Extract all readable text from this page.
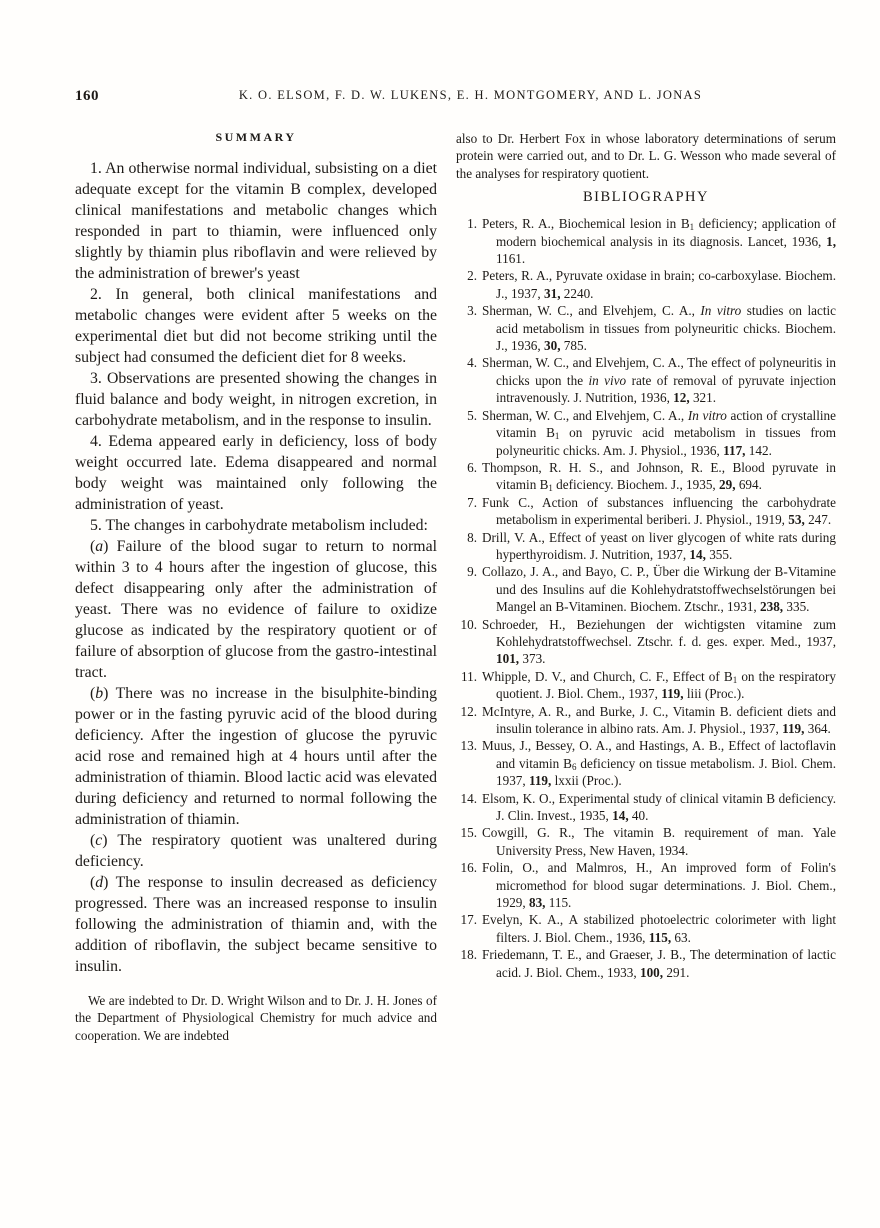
160	K. O. ELSOM, F. D. W. LUKENS, E. H. MONTGOMERY, AND L. JONAS
SUMMARY

1. An otherwise normal individual, subsisting on a diet adequate except for the vitamin B complex, developed clinical manifestations and metabolic changes which responded in part to thiamin, were influenced only slightly by thiamin plus riboflavin and were relieved by the administration of brewer's yeast

2. In general, both clinical manifestations and metabolic changes were evident after 5 weeks on the experimental diet but did not become striking until the subject had consumed the deficient diet for 8 weeks.

3. Observations are presented showing the changes in fluid balance and body weight, in nitrogen excretion, in carbohydrate metabolism, and in the response to insulin.

4. Edema appeared early in deficiency, loss of body weight occurred late. Edema disappeared and normal body weight was maintained only following the administration of yeast.

5. The changes in carbohydrate metabolism included:

(a) Failure of the blood sugar to return to normal within 3 to 4 hours after the ingestion of glucose, this defect disappearing only after the administration of yeast. There was no evidence of failure to oxidize glucose as indicated by the respiratory quotient or of failure of absorption of glucose from the gastro-intestinal tract.

(b) There was no increase in the bisulphite-binding power or in the fasting pyruvic acid of the blood during deficiency. After the ingestion of glucose the pyruvic acid rose and remained high at 4 hours until after the administration of thiamin. Blood lactic acid was elevated during deficiency and returned to normal following the administration of thiamin.

(c) The respiratory quotient was unaltered during deficiency.

(d) The response to insulin decreased as deficiency progressed. There was an increased response to insulin following the administration of thiamin and, with the addition of riboflavin, the subject became sensitive to insulin.

We are indebted to Dr. D. Wright Wilson and to Dr. J. H. Jones of the Department of Physiological Chemistry for much advice and cooperation. We are indebted

also to Dr. Herbert Fox in whose laboratory determinations of serum protein were carried out, and to Dr. L. G. Wesson who made several of the analyses for respiratory quotient.

BIBLIOGRAPHY

1. Peters, R. A., Biochemical lesion in $B_1$ deficiency; application of modern biochemical analysis in its diagnosis. Lancet, 1936, 1, 1161.

2. Peters, R. A., Pyruvate oxidase in brain; co-carboxylase. Biochem. J., 1937, 31, 2240.

3. Sherman, W. C., and Elvehjem, C. A., In vitro studies on lactic acid metabolism in tissues from polyneuritic chicks. Biochem. J., 1936, 30, 785.

4. Sherman, W. C., and Elvehjem, C. A., The effect of polyneuritis in chicks upon the in vivo rate of removal of pyruvate injection intravenously. J. Nutrition, 1936, 12, 321.

5. Sherman, W. C., and Elvehjem, C. A., In vitro action of crystalline vitamin $B_1$ on pyruvic acid metabolism in tissues from polyneuritic chicks. Am. J. Physiol., 1936, 117, 142.

6. Thompson, R. H. S., and Johnson, R. E., Blood pyruvate in vitamin $B_1$ deficiency. Biochem. J., 1935, 29, 694.

7. Funk C., Action of substances influencing the carbohydrate metabolism in experimental beriberi. J. Physiol., 1919, 53, 247.

8. Drill, V. A., Effect of yeast on liver glycogen of white rats during hyperthyroidism. J. Nutrition, 1937, 14, 355.

9. Collazo, J. A., and Bayo, C. P., Über die Wirkung der B-Vitamine und des Insulins auf die Kohlehydratstoffwechselstörungen bei Mangel an B-Vitaminen. Biochem. Ztschr., 1931, 238, 335.

10. Schroeder, H., Beziehungen der wichtigsten vitamine zum Kohlehydratstoffwechsel. Ztschr. f. d. ges. exper. Med., 1937, 101, 373.

11. Whipple, D. V., and Church, C. F., Effect of $B_1$ on the respiratory quotient. J. Biol. Chem., 1937, 119, liii (Proc.).

12. McIntyre, A. R., and Burke, J. C., Vitamin B. deficient diets and insulin tolerance in albino rats. Am. J. Physiol., 1937, 119, 364.

13. Muus, J., Bessey, O. A., and Hastings, A. B., Effect of lactoflavin and vitamin $B_6$ deficiency on tissue metabolism. J. Biol. Chem. 1937, 119, lxxii (Proc.).

14. Elsom, K. O., Experimental study of clinical vitamin B deficiency. J. Clin. Invest., 1935, 14, 40.

15. Cowgill, G. R., The vitamin B. requirement of man. Yale University Press, New Haven, 1934.

16. Folin, O., and Malmros, H., An improved form of Folin's micromethod for blood sugar determinations. J. Biol. Chem., 1929, 83, 115.

17. Evelyn, K. A., A stabilized photoelectric colorimeter with light filters. J. Biol. Chem., 1936, 115, 63.

18. Friedemann, T. E., and Graeser, J. B., The determination of lactic acid. J. Biol. Chem., 1933, 100, 291.
